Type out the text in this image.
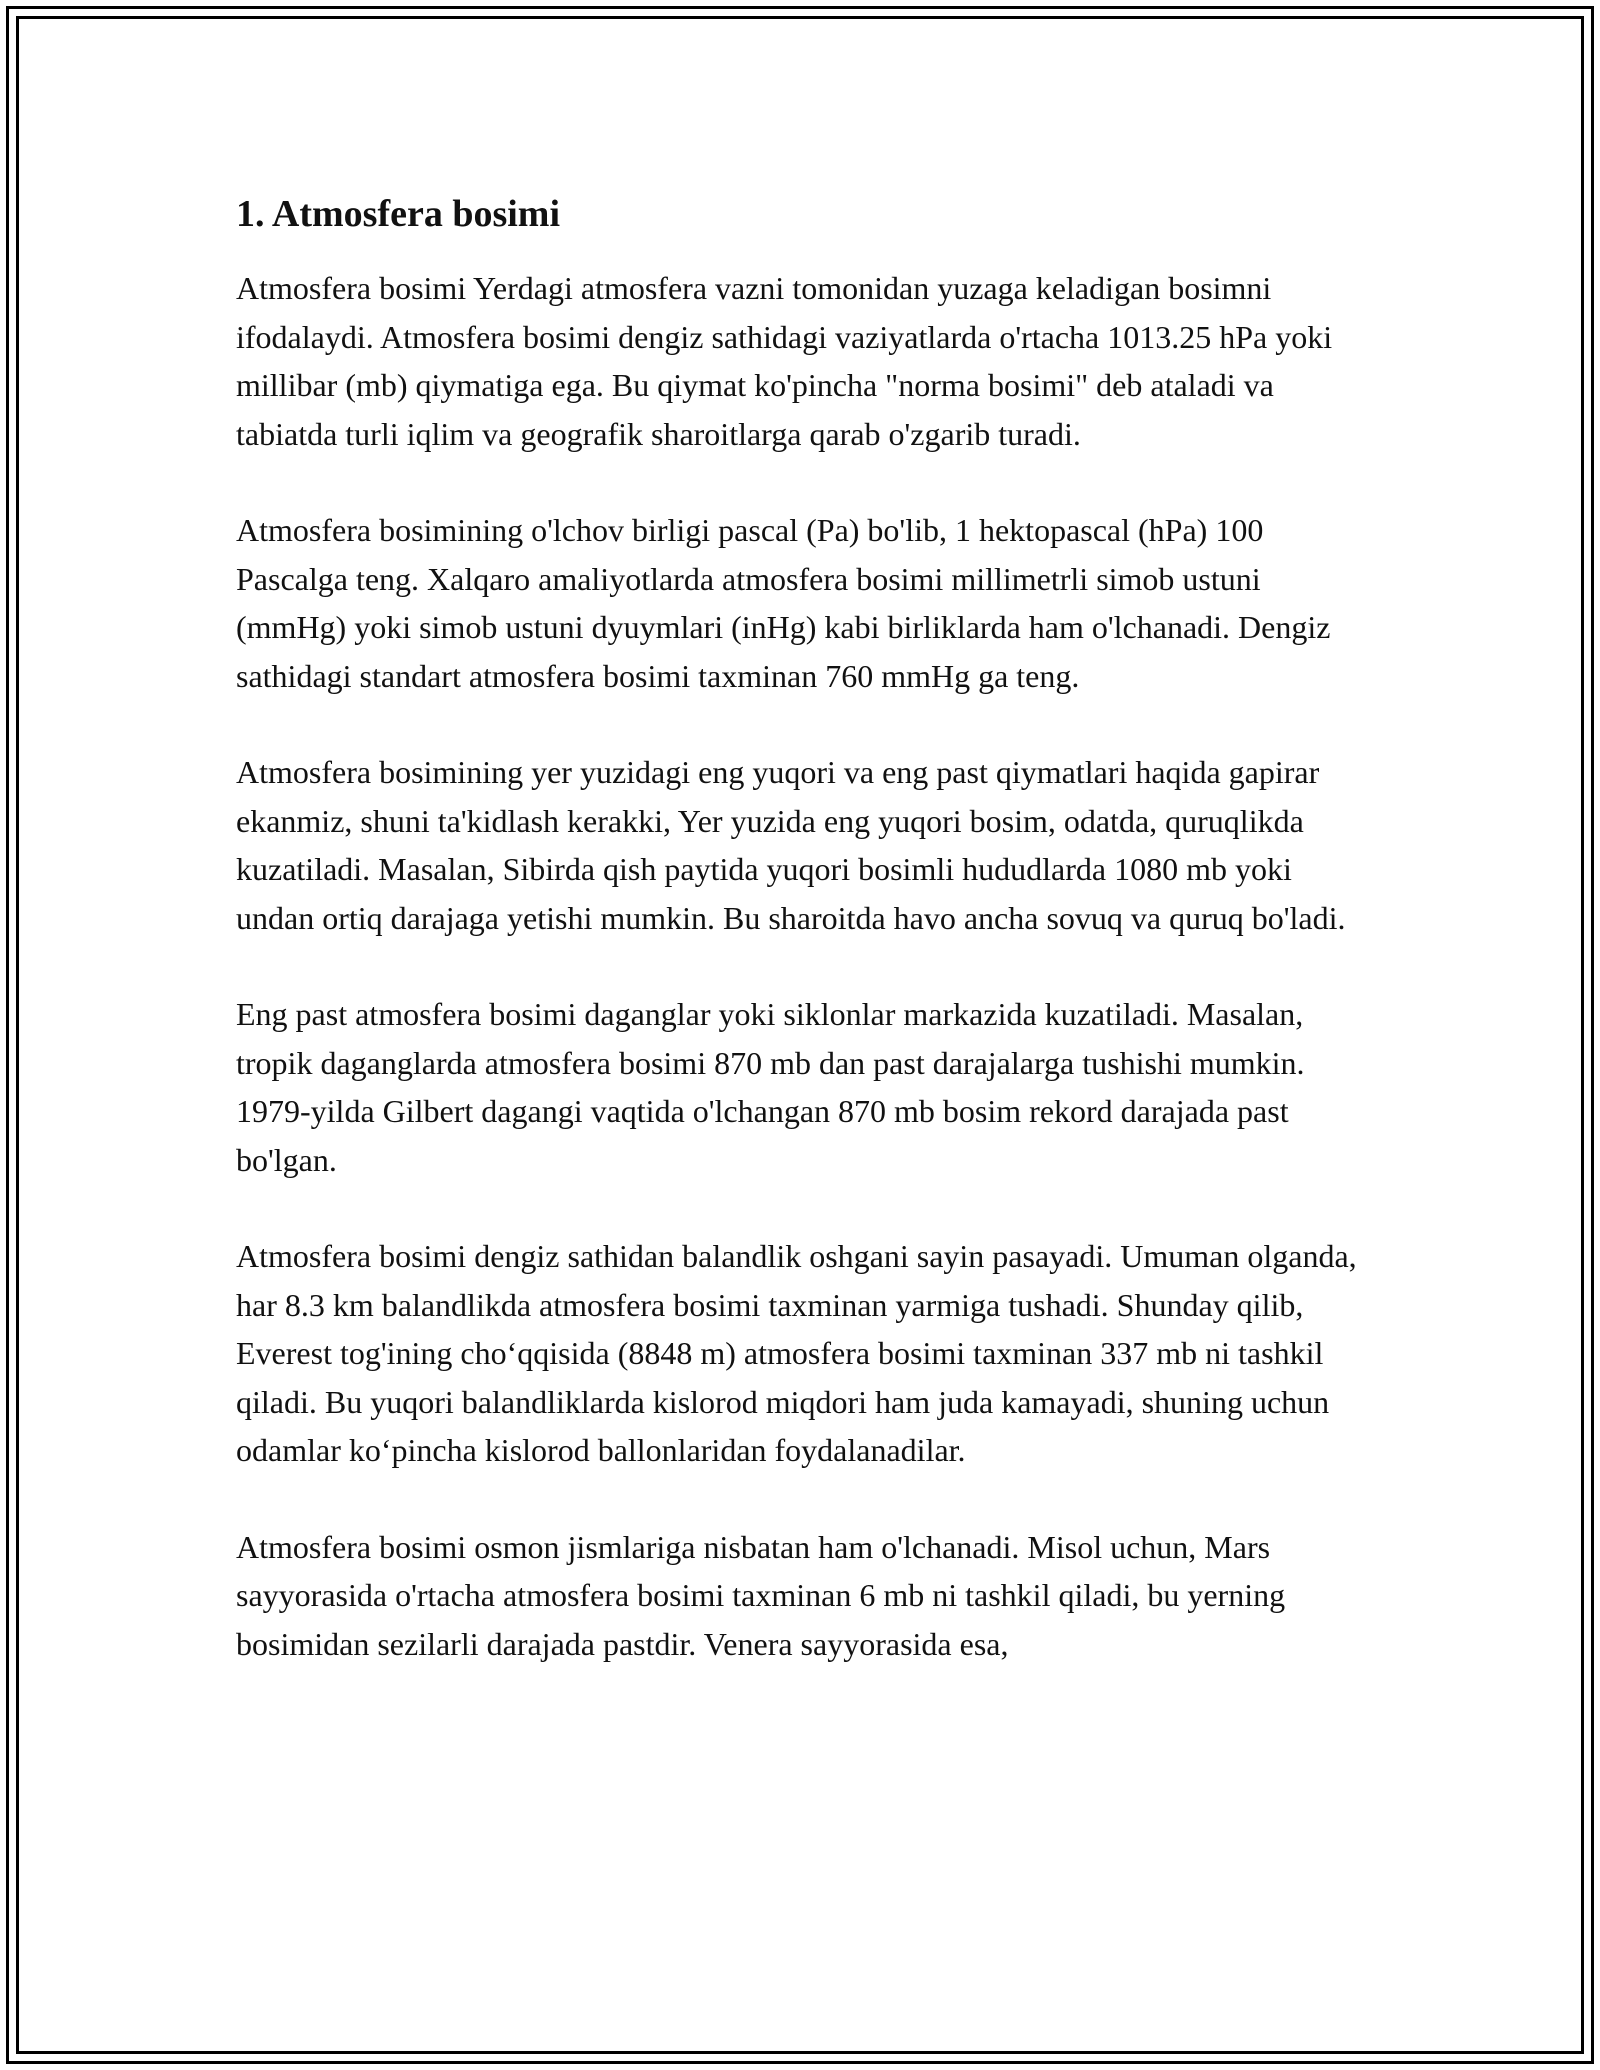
1. Atmosfera bosimi

Atmosfera bosimi Yerdagi atmosfera vazni tomonidan yuzaga keladigan bosimni ifodalaydi. Atmosfera bosimi dengiz sathidagi vaziyatlarda o'rtacha 1013.25 hPa yoki millibar (mb) qiymatiga ega. Bu qiymat ko'pincha "norma bosimi" deb ataladi va tabiatda turli iqlim va geografik sharoitlarga qarab o'zgarib turadi.

Atmosfera bosimining o'lchov birligi pascal (Pa) bo'lib, 1 hektopascal (hPa) 100 Pascalga teng. Xalqaro amaliyotlarda atmosfera bosimi millimetrli simob ustuni (mmHg) yoki simob ustuni dyuymlari (inHg) kabi birliklarda ham o'lchanadi. Dengiz sathidagi standart atmosfera bosimi taxminan 760 mmHg ga teng.

Atmosfera bosimining yer yuzidagi eng yuqori va eng past qiymatlari haqida gapirar ekanmiz, shuni ta'kidlash kerakki, Yer yuzida eng yuqori bosim, odatda, quruqlikda kuzatiladi. Masalan, Sibirda qish paytida yuqori bosimli hududlarda 1080 mb yoki undan ortiq darajaga yetishi mumkin. Bu sharoitda havo ancha sovuq va quruq bo'ladi.

Eng past atmosfera bosimi daganglar yoki siklonlar markazida kuzatiladi. Masalan, tropik daganglarda atmosfera bosimi 870 mb dan past darajalarga tushishi mumkin. 1979-yilda Gilbert dagangi vaqtida o'lchangan 870 mb bosim rekord darajada past bo'lgan.

Atmosfera bosimi dengiz sathidan balandlik oshgani sayin pasayadi. Umuman olganda, har 8.3 km balandlikda atmosfera bosimi taxminan yarmiga tushadi. Shunday qilib, Everest tog'ining cho‘qqisida (8848 m) atmosfera bosimi taxminan 337 mb ni tashkil qiladi. Bu yuqori balandliklarda kislorod miqdori ham juda kamayadi, shuning uchun odamlar ko‘pincha kislorod ballonlaridan foydalanadilar.

Atmosfera bosimi osmon jismlariga nisbatan ham o'lchanadi. Misol uchun, Mars sayyorasida o'rtacha atmosfera bosimi taxminan 6 mb ni tashkil qiladi, bu yerning bosimidan sezilarli darajada pastdir. Venera sayyorasida esa,
